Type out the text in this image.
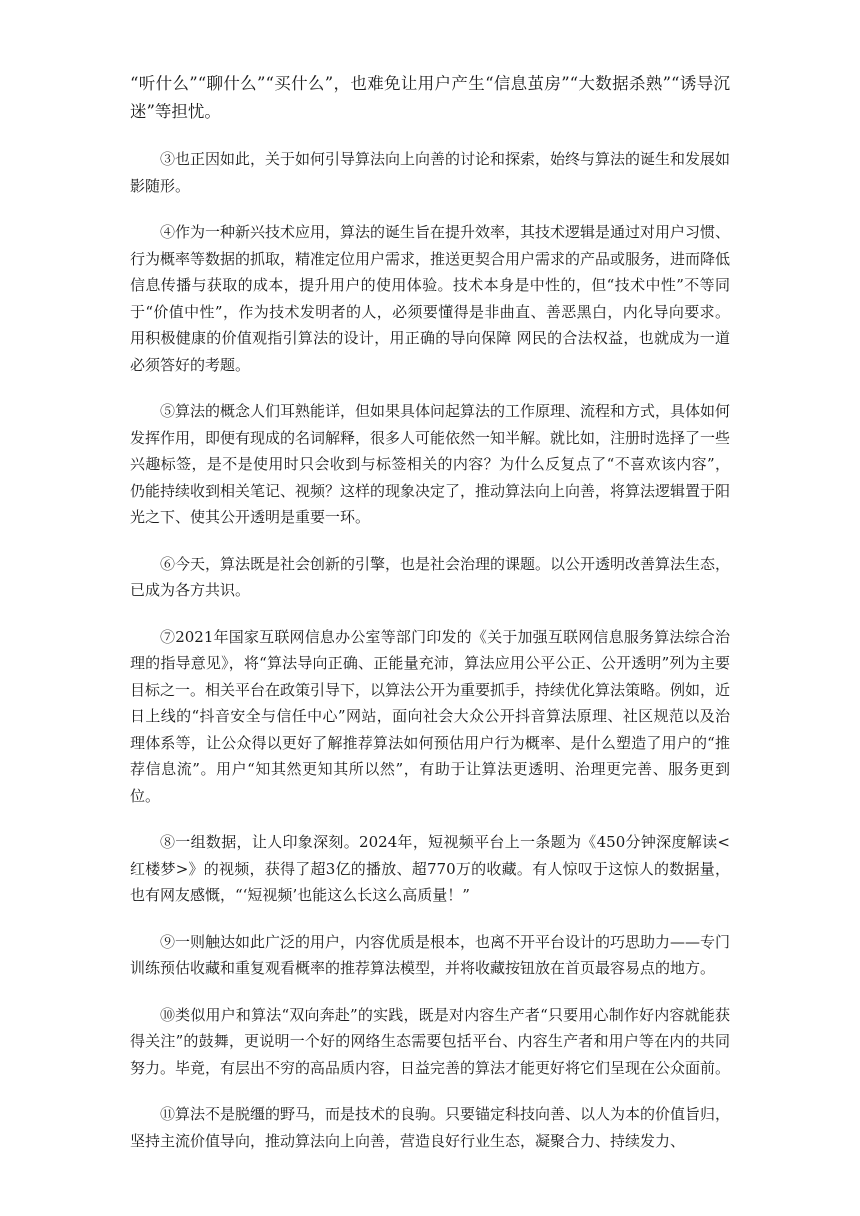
“听什么”“聊什么”“买什么”，也难免让用户产生“信息茧房”“大数据杀熟”“诱导沉迷”等担忧。

③也正因如此，关于如何引导算法向上向善的讨论和探索，始终与算法的诞生和发展如影随形。

④作为一种新兴技术应用，算法的诞生旨在提升效率，其技术逻辑是通过对用户习惯、行为概率等数据的抓取，精准定位用户需求，推送更契合用户需求的产品或服务，进而降低信息传播与获取的成本，提升用户的使用体验。技术本身是中性的，但“技术中性”不等同于“价值中性”，作为技术发明者的人，必须要懂得是非曲直、善恶黑白，内化导向要求。用积极健康的价值观指引算法的设计，用正确的导向保障 网民的合法权益，也就成为一道必须答好的考题。

⑤算法的概念人们耳熟能详，但如果具体问起算法的工作原理、流程和方式，具体如何发挥作用，即便有现成的名词解释，很多人可能依然一知半解。就比如，注册时选择了一些兴趣标签，是不是使用时只会收到与标签相关的内容？为什么反复点了“不喜欢该内容”，仍能持续收到相关笔记、视频？这样的现象决定了，推动算法向上向善，将算法逻辑置于阳光之下、使其公开透明是重要一环。

⑥今天，算法既是社会创新的引擎，也是社会治理的课题。以公开透明改善算法生态，已成为各方共识。

⑦2021年国家互联网信息办公室等部门印发的《关于加强互联网信息服务算法综合治理的指导意见》，将“算法导向正确、正能量充沛，算法应用公平公正、公开透明”列为主要目标之一。相关平台在政策引导下，以算法公开为重要抓手，持续优化算法策略。例如，近日上线的“抖音安全与信任中心”网站，面向社会大众公开抖音算法原理、社区规范以及治理体系等，让公众得以更好了解推荐算法如何预估用户行为概率、是什么塑造了用户的“推荐信息流”。用户“知其然更知其所以然”，有助于让算法更透明、治理更完善、服务更到位。

⑧一组数据，让人印象深刻。2024年，短视频平台上一条题为《450分钟深度解读<红楼梦>》的视频，获得了超3亿的播放、超770万的收藏。有人惊叹于这惊人的数据量，也有网友感慨，“‘短视频’也能这么长这么高质量！”

⑨一则触达如此广泛的用户，内容优质是根本，也离不开平台设计的巧思助力——专门训练预估收藏和重复观看概率的推荐算法模型，并将收藏按钮放在首页最容易点的地方。

⑩类似用户和算法“双向奔赴”的实践，既是对内容生产者“只要用心制作好内容就能获得关注”的鼓舞，更说明一个好的网络生态需要包括平台、内容生产者和用户等在内的共同努力。毕竟，有层出不穷的高品质内容，日益完善的算法才能更好将它们呈现在公众面前。

⑪算法不是脱缰的野马，而是技术的良驹。只要锚定科技向善、以人为本的价值旨归，坚持主流价值导向，推动算法向上向善，营造良好行业生态，凝聚合力、持续发力、
